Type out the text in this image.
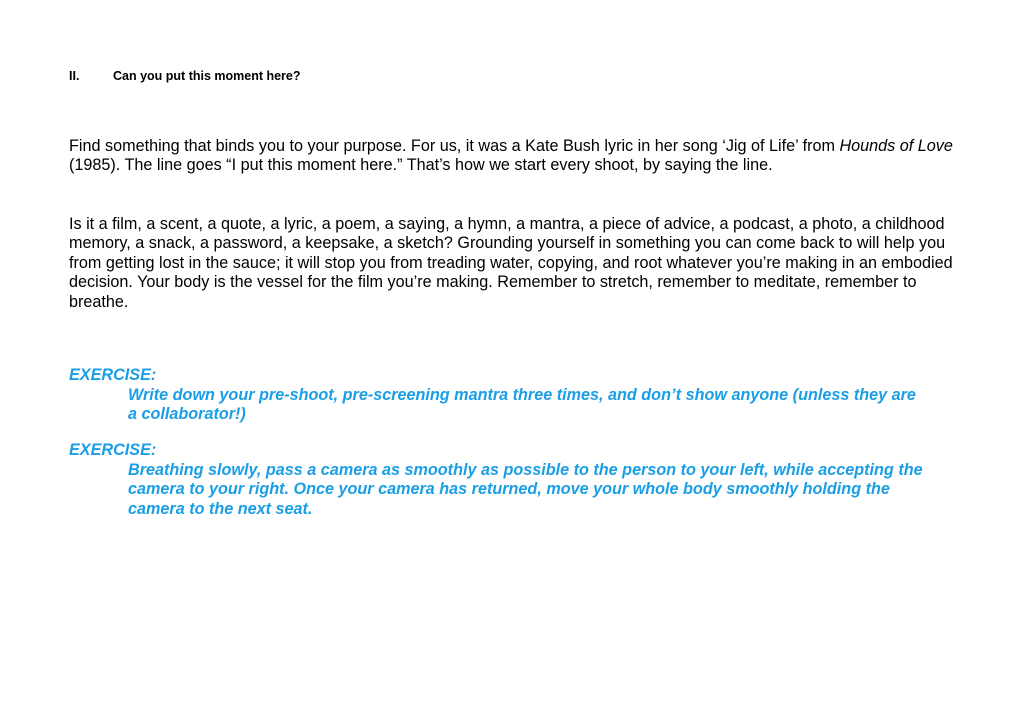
II.	Can you put this moment here?

Find something that binds you to your purpose. For us, it was a Kate Bush lyric in her song ‘Jig of Life’ from Hounds of Love (1985). The line goes “I put this moment here.” That’s how we start every shoot, by saying the line.

Is it a film, a scent, a quote, a lyric, a poem, a saying, a hymn, a mantra, a piece of advice, a podcast, a photo, a childhood memory, a snack, a password, a keepsake, a sketch? Grounding yourself in something you can come back to will help you from getting lost in the sauce; it will stop you from treading water, copying, and root whatever you’re making in an embodied decision. Your body is the vessel for the film you’re making. Remember to stretch, remember to meditate, remember to breathe.

EXERCISE:
Write down your pre-shoot, pre-screening mantra three times, and don’t show anyone (unless they are a collaborator!)
EXERCISE:
Breathing slowly, pass a camera as smoothly as possible to the person to your left, while accepting the camera to your right. Once your camera has returned, move your whole body smoothly holding the camera to the next seat.
